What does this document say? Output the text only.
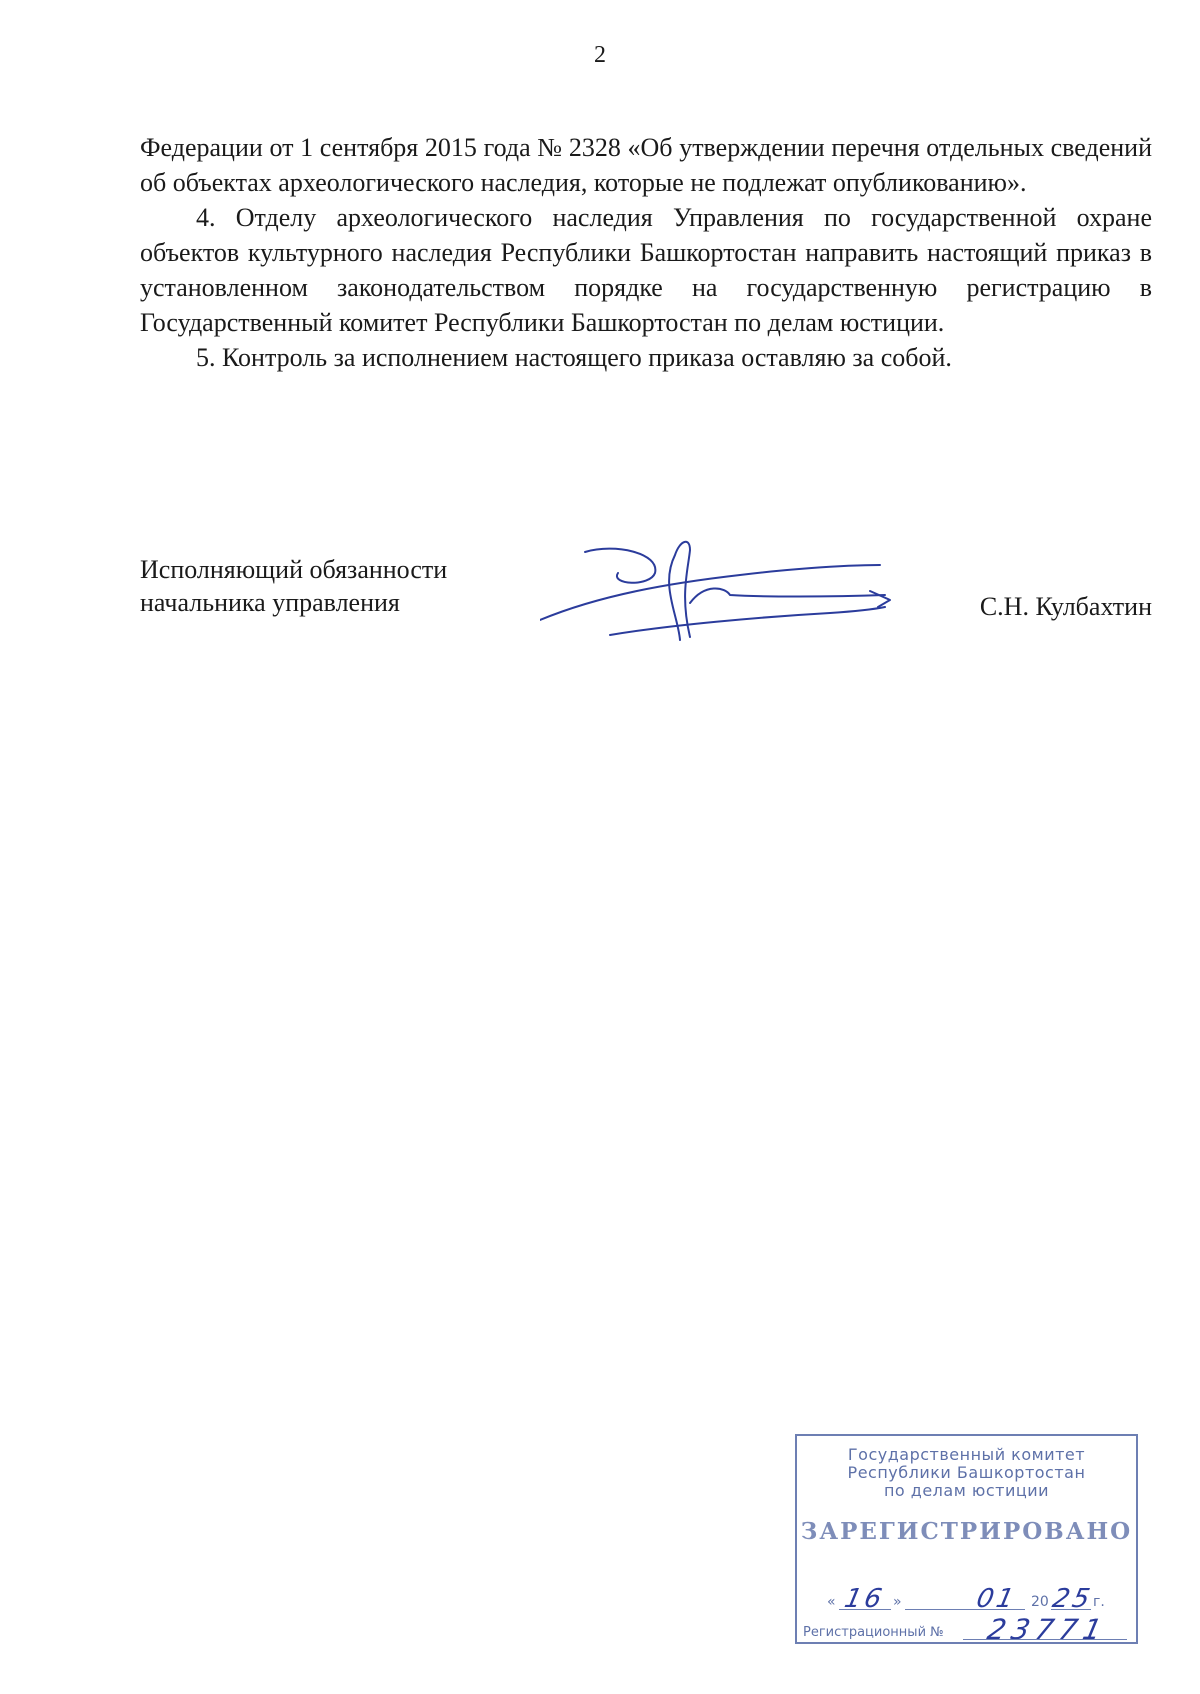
2

Федерации от 1 сентября 2015 года № 2328 «Об утверждении перечня отдельных сведений об объектах археологического наследия, которые не подлежат опубликованию».

4. Отделу археологического наследия Управления по государственной охране объектов культурного наследия Республики Башкортостан направить настоящий приказ в установленном законодательством порядке на государственную регистрацию в Государственный комитет Республики Башкортостан по делам юстиции.

5. Контроль за исполнением настоящего приказа оставляю за собой.

Исполняющий обязанности
начальника управления	С.Н. Кулбахтин
Государственный комитет
Республики Башкортостан
по делам юстиции
ЗАРЕГИСТРИРОВАНО
« 16 »	01 20 25
г.
Регистрационный № 23771
